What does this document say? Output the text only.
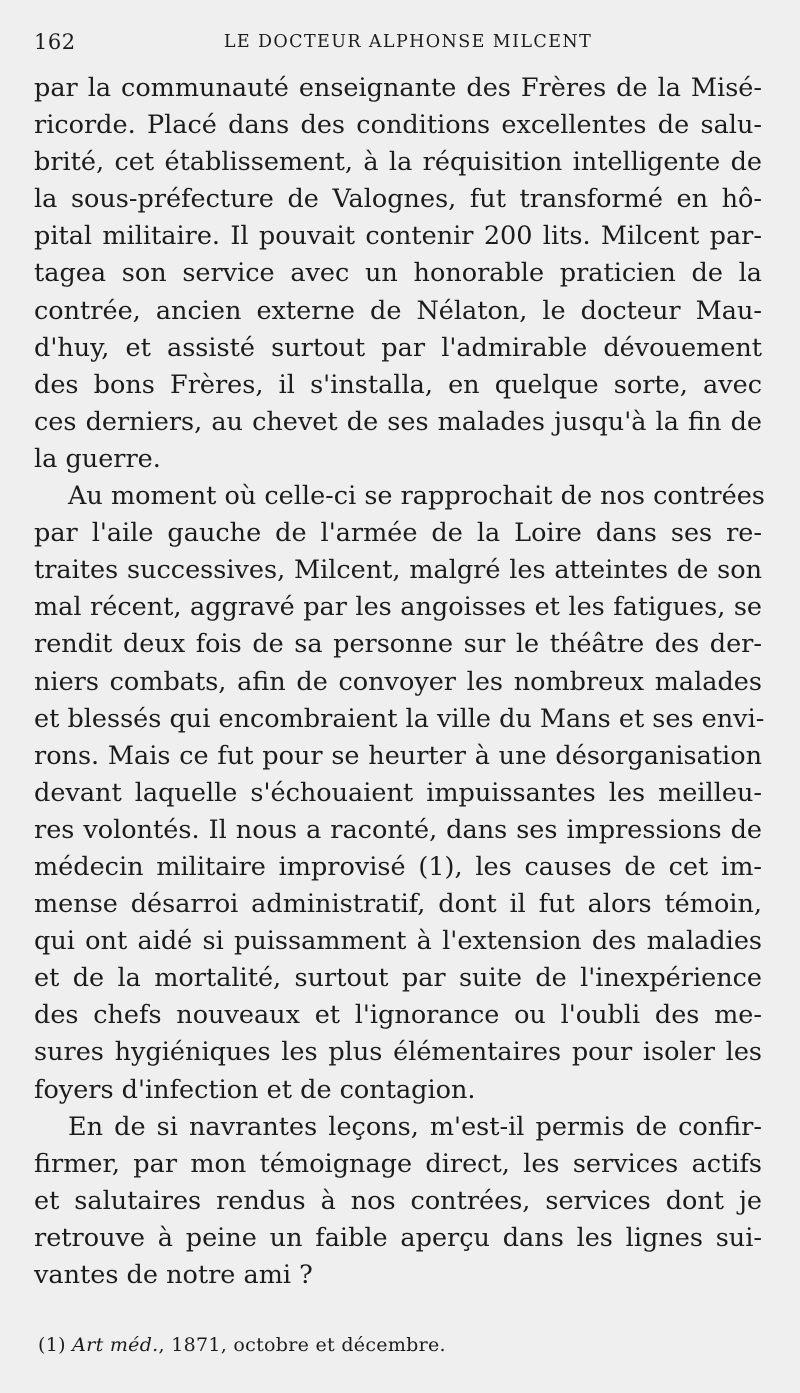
162	LE DOCTEUR ALPHONSE MILCENT
par la communauté enseignante des Frères de la Misé-
ricorde. Placé dans des conditions excellentes de salu-
brité, cet établissement, à la réquisition intelligente de
la sous-préfecture de Valognes, fut transformé en hô-
pital militaire. Il pouvait contenir 200 lits. Milcent par-
tagea son service avec un honorable praticien de la
contrée, ancien externe de Nélaton, le docteur Mau-
d'huy, et assisté surtout par l'admirable dévouement
des bons Frères, il s'installa, en quelque sorte, avec
ces derniers, au chevet de ses malades jusqu'à la fin de
la guerre.
Au moment où celle-ci se rapprochait de nos contrées
par l'aile gauche de l'armée de la Loire dans ses re-
traites successives, Milcent, malgré les atteintes de son
mal récent, aggravé par les angoisses et les fatigues, se
rendit deux fois de sa personne sur le théâtre des der-
niers combats, afin de convoyer les nombreux malades
et blessés qui encombraient la ville du Mans et ses envi-
rons. Mais ce fut pour se heurter à une désorganisation
devant laquelle s'échouaient impuissantes les meilleu-
res volontés. Il nous a raconté, dans ses impressions de
médecin militaire improvisé (1), les causes de cet im-
mense désarroi administratif, dont il fut alors témoin,
qui ont aidé si puissamment à l'extension des maladies
et de la mortalité, surtout par suite de l'inexpérience
des chefs nouveaux et l'ignorance ou l'oubli des me-
sures hygiéniques les plus élémentaires pour isoler les
foyers d'infection et de contagion.
En de si navrantes leçons, m'est-il permis de confir-
firmer, par mon témoignage direct, les services actifs
et salutaires rendus à nos contrées, services dont je
retrouve à peine un faible aperçu dans les lignes sui-
vantes de notre ami ?
(1) Art méd., 1871, octobre et décembre.
